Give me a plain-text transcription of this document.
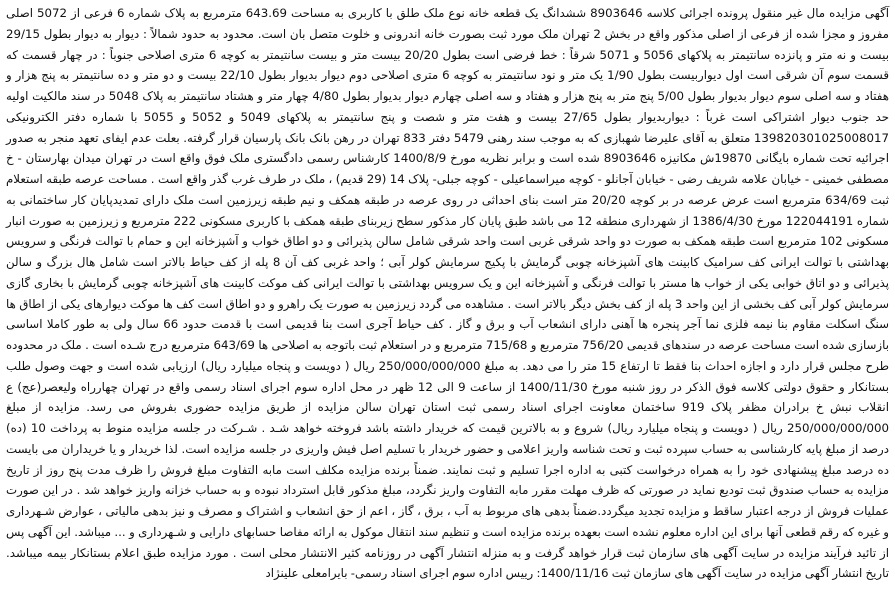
آگهی مزایده مال غیر منقول پرونده اجرائی کلاسه 8903646 ششدانگ یک قطعه خانه نوع ملک طلق با کاربری به مساحت 643.69 مترمربع به پلاک شماره 6 فرعی از 5072 اصلی مفروز و مجزا شده از فرعی از اصلی مذکور واقع در بخش 2 تهران ملک مورد ثبت بصورت خانه اندرونی و خلوت متصل بان است. محدود به حدود شمالاً : دیوار به دیوار بطول 29/15 بیست و نه متر و پانزده سانتیمتر به پلاکهای 5056 و 5071 شرقاً : خط فرضی است بطول 20/20 بیست متر و بیست سانتیمتر به کوچه 6 متری اصلاحی جنوباً : در چهار قسمت که قسمت سوم آن شرقی است اول دیوار‌بیست بطول 1/90 یک متر و نود سانتیمتر به کوچه 6 متری اصلاحی دوم دیوار بدیوار بطول 22/10 بیست و دو متر و ده سانتیمتر به پنج هزار و هفتاد و سه اصلی سوم دیوار بدیوار بطول 5/00 پنج متر به پنج هزار و هفتاد و سه اصلی چهارم دیوار بدیوار بطول 4/80 چهار متر و هشتاد سانتیمتر به پلاک 5048 در سند مالکیت اولیه حد جنوب دیوار اشتراکی است غرباً : دیواربدیوار بطول 27/65 بیست و هفت متر و شصت و پنج سانتیمتر به پلاکهای 5049 و 5052 و 5055 با شماره دفتر الکترونیکی 139820301025008017 متعلق به آقای علیرضا شهبازی که به موجب سند رهنی 5479 دفتر 833 تهران در رهن بانک بانک پارسیان قرار گرفته. بعلت عدم ایفای تعهد منجر به صدور اجرائیه تحت شماره بایگانی 19870ش مکانیزه 8903646 شده است و برابر نظریه مورخ 1400/8/9 کارشناس رسمی دادگستری ملک فوق واقع است در تهران میدان بهارستان - خ مصطفی خمینی - خیابان علامه شریف رضی - خیابان آجانلو - کوچه میراسماعیلی - کوچه جبلی- پلاک 14 (29 قدیم) ، ملک در طرف غرب گذر واقع است . مساحت عرصه طبقه استعلام ثبت 634/69 مترمربع است عرض عرصه در بر کوچه 20/20 متر است بنای احداثی در روی عرصه در طبقه همکف و نیم طبقه زیرزمین است ملک دارای تمدیدپایان کار ساختمانی به شماره 122044191 مورخ 1386/4/30 از شهرداری منطقه 12 می باشد طبق پایان کار مذکور سطح زیربنای طبقه همکف با کاربری مسکونی 222 مترمربع و زیرزمین به صورت انبار مسکونی 102 مترمربع است طبقه همکف به صورت دو واحد شرقی غربی است واحد شرقی شامل سالن پذیرائی و دو اطاق خواب و آشپزخانه این و حمام با توالت فرنگی و سرویس بهداشتی با توالت ایرانی کف سرامیک کابینت های آشپزخانه چوبی گرمایش با پکیج سرمایش کولر آبی ؛ واحد غربی کف آن 8 پله از کف حیاط بالاتر است شامل هال بزرگ و سالن پذیرائی و دو اتاق خوابی یکی از خواب ها مستر با توالت فرنگی و آشپزخانه این و یک سرویس بهداشتی با توالت ایرانی کف موکت کابینت های آشپزخانه چوبی گرمایش با بخاری گازی سرمایش کولر آبی کف بخشی از این واحد 3 پله از کف بخش دیگر بالاتر است . مشاهده می گردد زیرزمین به صورت یک راهرو و دو اطاق است کف ها موکت دیوارهای یکی از اطاق ها سنگ اسکلت مقاوم بنا نیمه فلزی نما آجر پنجره ها آهنی دارای انشعاب آب و برق و گاز . کف حیاط آجری است بنا قدیمی است با قدمت حدود 66 سال ولی به طور کاملا اساسی بازسازی شده است مساحت عرصه در سندهای قدیمی 756/20 مترمربع و 715/68 مترمربع و در استعلام ثبت باتوجه به اصلاحی ها 643/69 مترمربع درج شـده است . ملک در محدوده طرح مجلس قرار دارد و اجازه احداث بنا فقط تا ارتفاع 15 متر را می دهد. به مبلغ 250/000/000/000 ریال ( دویست و پنجاه میلیارد ریال) ارزیابی شده است و جهت وصول طلب بستانکار و حقوق دولتی کلاسه فوق الذکر در روز شنبه مورخ 1400/11/30 از ساعت 9 الی 12 ظهر در محل اداره سوم اجرای اسناد رسمی واقع در تهران چهارراه ولیعصر(عج) ع انقلاب نبش خ برادران مظفر پلاک 919 ساختمان معاونت اجرای اسناد رسمی ثبت استان تهران سالن مزایده از طریق مزایده حضوری بفروش می رسد. مزایده از مبلغ 250/000/000/000 ریال ( دویست و پنجاه میلیارد ریال) شروع و به بالاترین قیمت که خریدار داشته باشد فروخته خواهد شـد . شـرکت در جلسه مزایده منوط به پرداخت 10 (ده) درصد از مبلغ پایه کارشناسی به حساب سپرده ثبت و تحت شناسه واریز اعلامی و حضور خریدار با تسلیم اصل فیش واریزی در جلسه مزایده است. لذا خریدار و یا خریداران می بایست ده درصد مبلغ پیشنهادی خود را به همراه درخواست کتبی به اداره اجرا تسلیم و ثبت نمایند. ضمناً برنده مزایده مکلف است مابه التفاوت مبلغ فروش را ظرف مدت پنج روز از تاریخ مزایده به حساب صندوق ثبت تودیع نماید در صورتی که ظرف مهلت مقرر مابه التفاوت واریز نگردد، مبلغ مذکور قابل استرداد نبوده و به حساب خزانه واریز خواهد شد . در این صورت عملیات فروش از درجه اعتبار ساقط و مزایده تجدید میگردد.ضمناً بدهی های مربوط به آب ، برق ، گاز ، اعم از حق انشعاب و اشتراک و مصرف و نیز بدهی مالیاتی ، عوارض شـهرداری و غیره که رقم قطعی آنها برای این اداره معلوم نشده است بعهده برنده مزایده است و تنظیم سند انتقال موکول به ارائه مفاصا حسابهای دارایی و شـهرداری و ... میباشد. این آگهی پس از تائید فرآیند مزایده در سایت آگهی های سازمان ثبت قرار خواهد گرفت و به منزله انتشار آگهی در روزنامه کثیر الانتشار محلی است . مورد مزایده طبق اعلام بستانکار بیمه میباشد. تاریخ انتشار آگهی مزایده در سایت آگهی های سازمان ثبت 1400/11/16: رییس اداره سوم اجرای اسناد رسمی- بایرامعلی علینژاد
